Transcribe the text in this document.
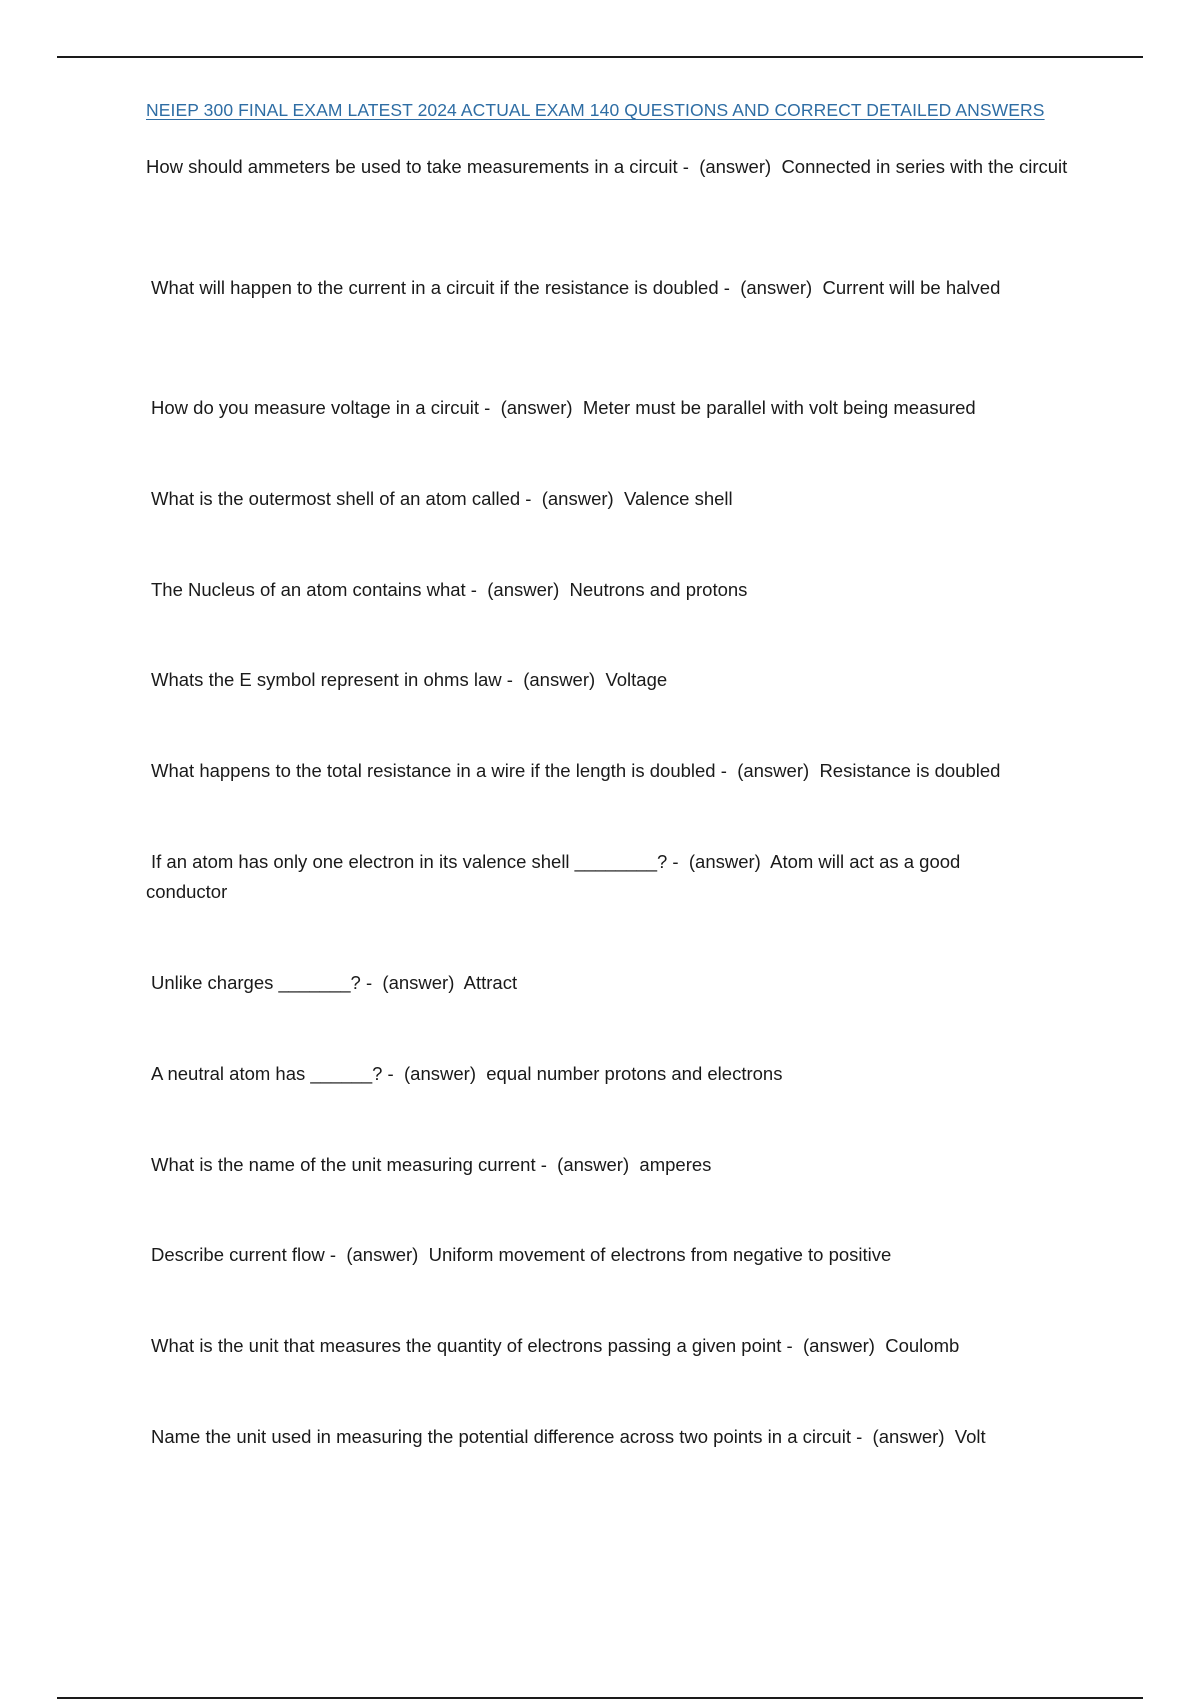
NEIEP 300 FINAL EXAM LATEST 2024 ACTUAL EXAM 140 QUESTIONS AND CORRECT DETAILED ANSWERS

How should ammeters be used to take measurements in a circuit - (answer) Connected in series with the circuit

What will happen to the current in a circuit if the resistance is doubled - (answer) Current will be halved

How do you measure voltage in a circuit - (answer) Meter must be parallel with volt being measured

What is the outermost shell of an atom called - (answer) Valence shell

The Nucleus of an atom contains what - (answer) Neutrons and protons

Whats the E symbol represent in ohms law - (answer) Voltage

What happens to the total resistance in a wire if the length is doubled - (answer) Resistance is doubled

If an atom has only one electron in its valence shell ________? - (answer) Atom will act as a good conductor

Unlike charges _______? - (answer) Attract

A neutral atom has ______? - (answer) equal number protons and electrons

What is the name of the unit measuring current - (answer) amperes

Describe current flow - (answer) Uniform movement of electrons from negative to positive

What is the unit that measures the quantity of electrons passing a given point - (answer) Coulomb

Name the unit used in measuring the potential difference across two points in a circuit - (answer) Volt
